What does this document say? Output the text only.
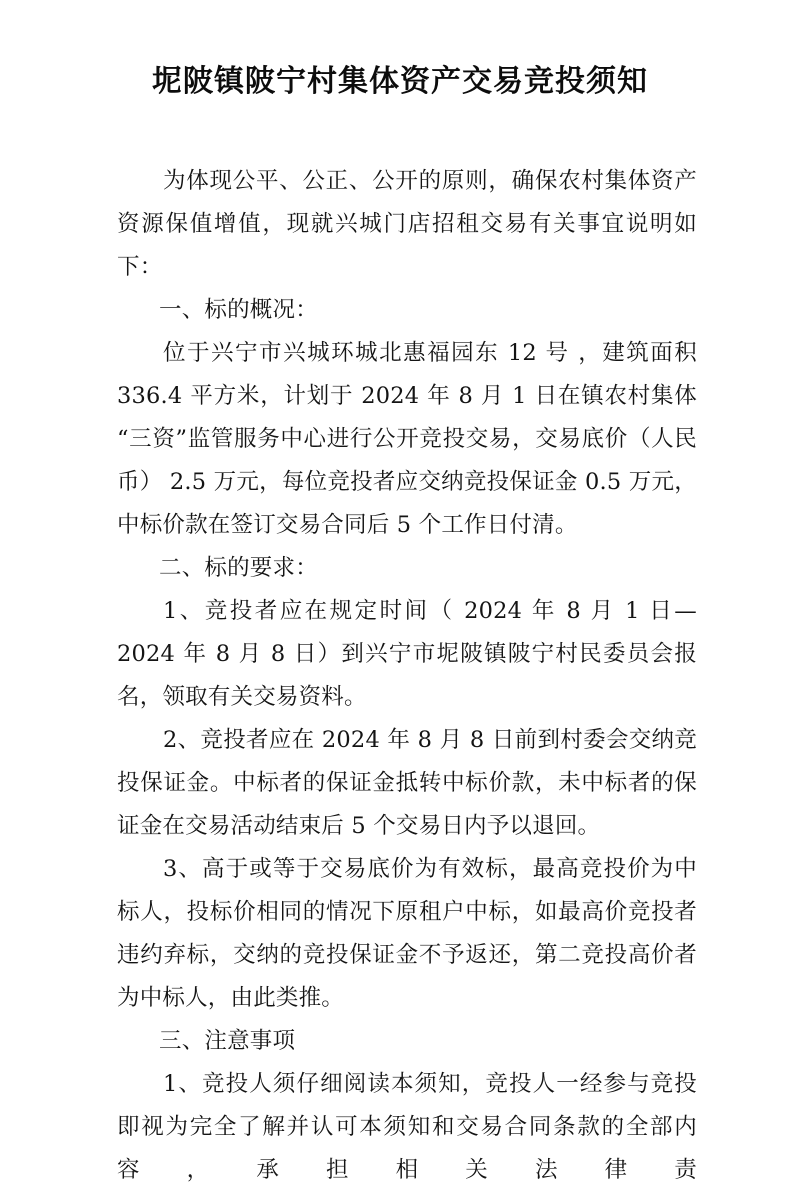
坭陂镇陂宁村集体资产交易竞投须知

为体现公平、公正、公开的原则，确保农村集体资产资源保值增值，现就兴城门店招租交易有关事宜说明如下：

一、标的概况：

位于兴宁市兴城环城北惠福园东 12 号 ，建筑面积 336.4 平方米，计划于 2024 年 8 月 1 日在镇农村集体“三资”监管服务中心进行公开竞投交易，交易底价（人民币） 2.5 万元，每位竞投者应交纳竞投保证金 0.5 万元，中标价款在签订交易合同后 5 个工作日付清。

二、标的要求：

1、竞投者应在规定时间（ 2024 年 8 月 1 日— 2024 年 8 月 8 日）到兴宁市坭陂镇陂宁村民委员会报名，领取有关交易资料。

2、竞投者应在 2024 年 8 月 8 日前到村委会交纳竞投保证金。中标者的保证金抵转中标价款，未中标者的保证金在交易活动结束后 5 个交易日内予以退回。

3、高于或等于交易底价为有效标，最高竞投价为中标人，投标价相同的情况下原租户中标，如最高价竞投者违约弃标，交纳的竞投保证金不予返还，第二竞投高价者为中标人，由此类推。

三、注意事项

1、竞投人须仔细阅读本须知，竞投人一经参与竞投即视为完全了解并认可本须知和交易合同条款的全部内容，承担相关法律责
